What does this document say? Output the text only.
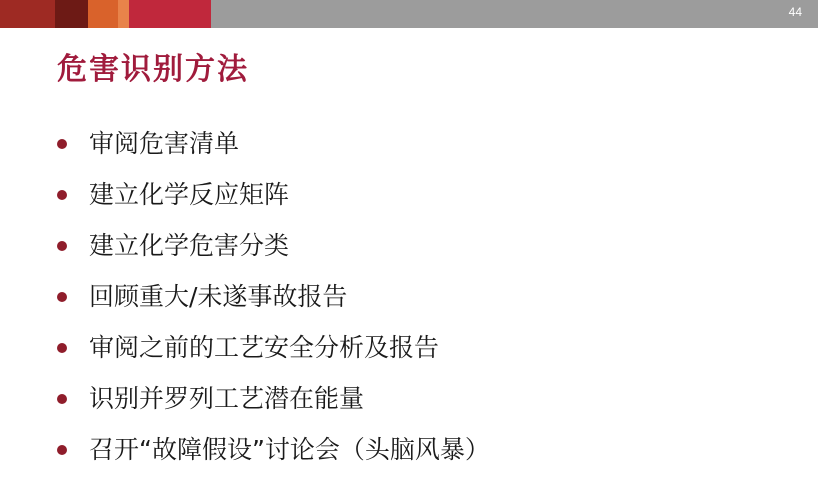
44
危害识别方法
审阅危害清单
建立化学反应矩阵
建立化学危害分类
回顾重大/未遂事故报告
审阅之前的工艺安全分析及报告
识别并罗列工艺潜在能量
召开“故障假设”讨论会（头脑风暴）
